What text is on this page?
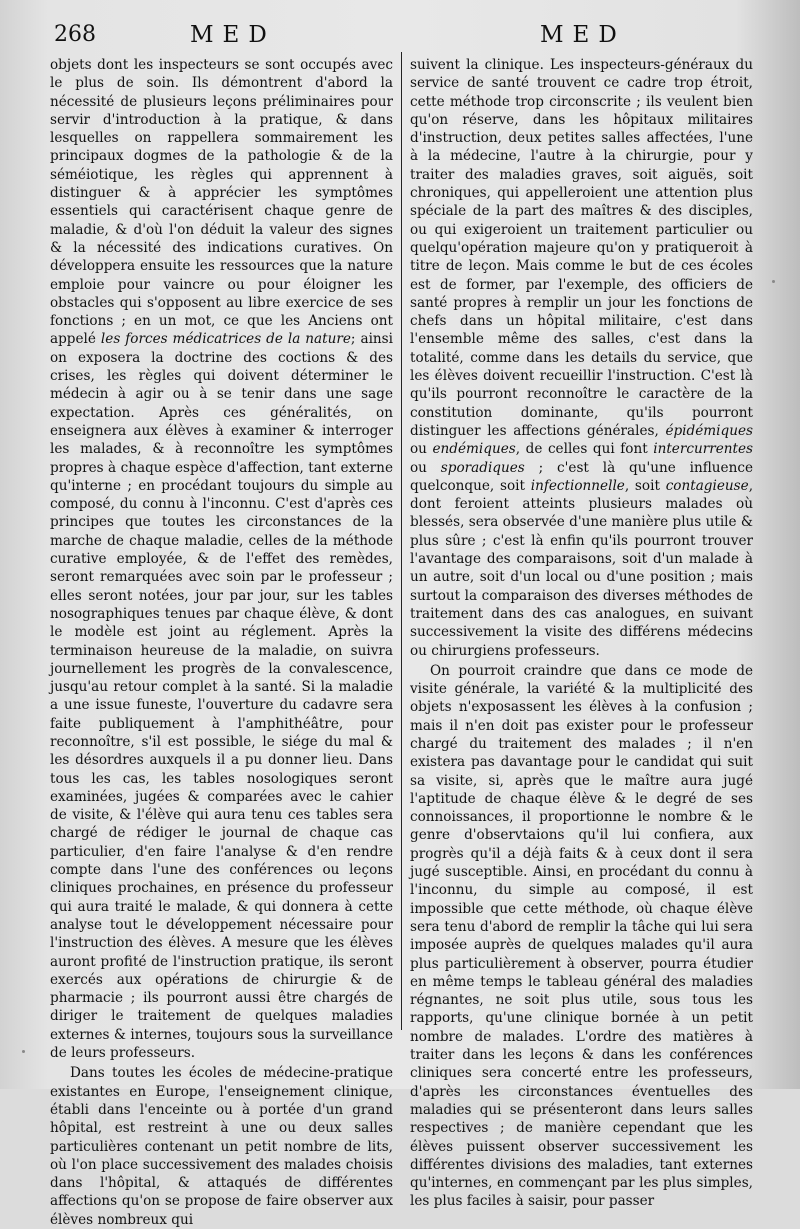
268	MED	MED

objets dont les inspecteurs se sont occupés avec le plus de soin. Ils démontrent d'abord la nécessité de plusieurs leçons préliminaires pour servir d'introduction à la pratique, & dans lesquelles on rappellera sommairement les principaux dogmes de la pathologie & de la séméiotique, les règles qui apprennent à distinguer & à apprécier les symptômes essentiels qui caractérisent chaque genre de maladie, & d'où l'on déduit la valeur des signes & la nécessité des indications curatives. On développera ensuite les ressources que la nature emploie pour vaincre ou pour éloigner les obstacles qui s'opposent au libre exercice de ses fonctions ; en un mot, ce que les Anciens ont appelé les forces médicatrices de la nature; ainsi on exposera la doctrine des coctions & des crises, les règles qui doivent déterminer le médecin à agir ou à se tenir dans une sage expectation. Après ces généralités, on enseignera aux élèves à examiner & interroger les malades, & à reconnoître les symptômes propres à chaque espèce d'affection, tant externe qu'interne ; en procédant toujours du simple au composé, du connu à l'inconnu. C'est d'après ces principes que toutes les circonstances de la marche de chaque maladie, celles de la méthode curative employée, & de l'effet des remèdes, seront remarquées avec soin par le professeur ; elles seront notées, jour par jour, sur les tables nosographiques tenues par chaque élève, & dont le modèle est joint au réglement. Après la terminaison heureuse de la maladie, on suivra journellement les progrès de la convalescence, jusqu'au retour complet à la santé. Si la maladie a une issue funeste, l'ouverture du cadavre sera faite publiquement à l'amphithéâtre, pour reconnoître, s'il est possible, le siége du mal & les désordres auxquels il a pu donner lieu. Dans tous les cas, les tables nosologiques seront examinées, jugées & comparées avec le cahier de visite, & l'élève qui aura tenu ces tables sera chargé de rédiger le journal de chaque cas particulier, d'en faire l'analyse & d'en rendre compte dans l'une des conférences ou leçons cliniques prochaines, en présence du professeur qui aura traité le malade, & qui donnera à cette analyse tout le développement nécessaire pour l'instruction des élèves. A mesure que les élèves auront profité de l'instruction pratique, ils seront exercés aux opérations de chirurgie & de pharmacie ; ils pourront aussi être chargés de diriger le traitement de quelques maladies externes & internes, toujours sous la surveillance de leurs professeurs.

Dans toutes les écoles de médecine-pratique existantes en Europe, l'enseignement clinique, établi dans l'enceinte ou à portée d'un grand hôpital, est restreint à une ou deux salles particulières contenant un petit nombre de lits, où l'on place successivement des malades choisis dans l'hôpital, & attaqués de différentes affections qu'on se propose de faire observer aux élèves nombreux qui

suivent la clinique. Les inspecteurs-généraux du service de santé trouvent ce cadre trop étroit, cette méthode trop circonscrite ; ils veulent bien qu'on réserve, dans les hôpitaux militaires d'instruction, deux petites salles affectées, l'une à la médecine, l'autre à la chirurgie, pour y traiter des maladies graves, soit aiguës, soit chroniques, qui appelleroient une attention plus spéciale de la part des maîtres & des disciples, ou qui exigeroient un traitement particulier ou quelqu'opération majeure qu'on y pratiqueroit à titre de leçon. Mais comme le but de ces écoles est de former, par l'exemple, des officiers de santé propres à remplir un jour les fonctions de chefs dans un hôpital militaire, c'est dans l'ensemble même des salles, c'est dans la totalité, comme dans les details du service, que les élèves doivent recueillir l'instruction. C'est là qu'ils pourront reconnoître le caractère de la constitution dominante, qu'ils pourront distinguer les affections générales, épidémiques ou endémiques, de celles qui font intercurrentes ou sporadiques ; c'est là qu'une influence quelconque, soit infectionnelle, soit contagieuse, dont feroient atteints plusieurs malades où blessés, sera observée d'une manière plus utile & plus sûre ; c'est là enfin qu'ils pourront trouver l'avantage des comparaisons, soit d'un malade à un autre, soit d'un local ou d'une position ; mais surtout la comparaison des diverses méthodes de traitement dans des cas analogues, en suivant successivement la visite des différens médecins ou chirurgiens professeurs.

On pourroit craindre que dans ce mode de visite générale, la variété & la multiplicité des objets n'exposassent les élèves à la confusion ; mais il n'en doit pas exister pour le professeur chargé du traitement des malades ; il n'en existera pas davantage pour le candidat qui suit sa visite, si, après que le maître aura jugé l'aptitude de chaque élève & le degré de ses connoissances, il proportionne le nombre & le genre d'observtaions qu'il lui confiera, aux progrès qu'il a déjà faits & à ceux dont il sera jugé susceptible. Ainsi, en procédant du connu à l'inconnu, du simple au composé, il est impossible que cette méthode, où chaque élève sera tenu d'abord de remplir la tâche qui lui sera imposée auprès de quelques malades qu'il aura plus particulièrement à observer, pourra étudier en même temps le tableau général des maladies régnantes, ne soit plus utile, sous tous les rapports, qu'une clinique bornée à un petit nombre de malades. L'ordre des matières à traiter dans les leçons & dans les conférences cliniques sera concerté entre les professeurs, d'après les circonstances éventuelles des maladies qui se présenteront dans leurs salles respectives ; de manière cependant que les élèves puissent observer successivement les différentes divisions des maladies, tant externes qu'internes, en commençant par les plus simples, les plus faciles à saisir, pour passer
